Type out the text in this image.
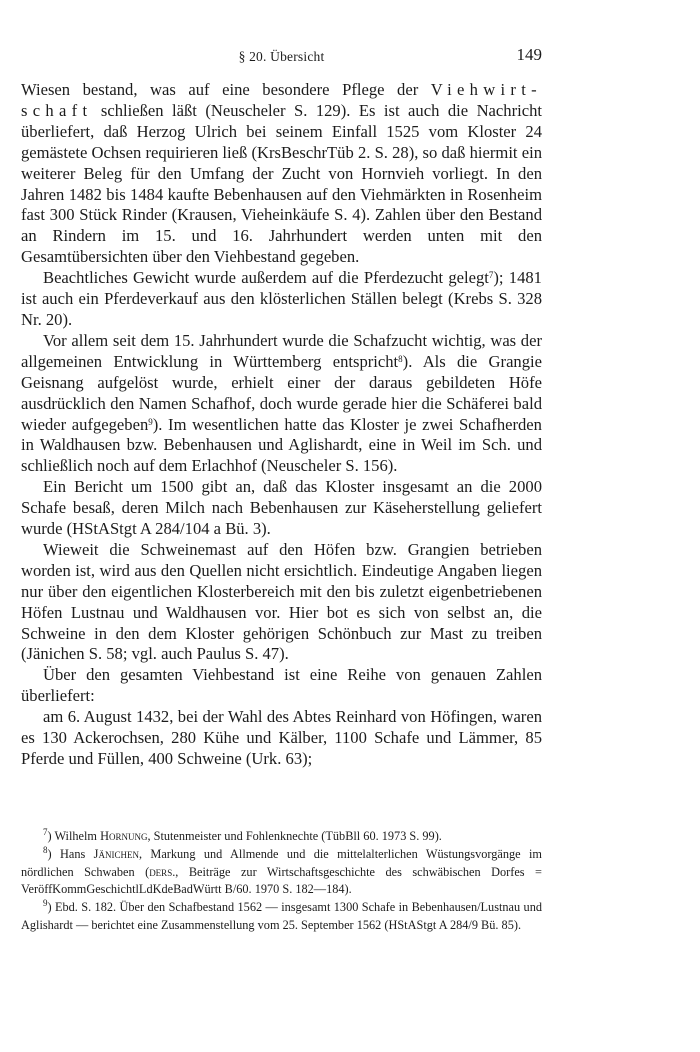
§ 20. Übersicht	149

Wiesen bestand, was auf eine besondere Pflege der Viehwirt- schaft schließen läßt (Neuscheler S. 129). Es ist auch die Nachricht überliefert, daß Herzog Ulrich bei seinem Einfall 1525 vom Kloster 24 gemästete Ochsen requirieren ließ (KrsBeschrTüb 2. S. 28), so daß hiermit ein weiterer Beleg für den Umfang der Zucht von Hornvieh vorliegt. In den Jahren 1482 bis 1484 kaufte Bebenhausen auf den Viehmärkten in Rosenheim fast 300 Stück Rinder (Krausen, Vieheinkäufe S. 4). Zahlen über den Bestand an Rindern im 15. und 16. Jahrhundert werden unten mit den Gesamtübersichten über den Viehbestand gegeben.

Beachtliches Gewicht wurde außerdem auf die Pferdezucht gelegt$^7$); 1481 ist auch ein Pferdeverkauf aus den klösterlichen Ställen belegt (Krebs S. 328 Nr. 20).

Vor allem seit dem 15. Jahrhundert wurde die Schafzucht wichtig, was der allgemeinen Entwicklung in Württemberg entspricht$^8$). Als die Grangie Geisnang aufgelöst wurde, erhielt einer der daraus gebildeten Höfe ausdrücklich den Namen Schafhof, doch wurde gerade hier die Schäferei bald wieder aufgegeben$^9$). Im wesentlichen hatte das Kloster je zwei Schafherden in Waldhausen bzw. Bebenhausen und Aglishardt, eine in Weil im Sch. und schließlich noch auf dem Erlachhof (Neuscheler S. 156).

Ein Bericht um 1500 gibt an, daß das Kloster insgesamt an die 2000 Schafe besaß, deren Milch nach Bebenhausen zur Käseherstellung geliefert wurde (HStAStgt A 284/104 a Bü. 3).

Wieweit die Schweinemast auf den Höfen bzw. Grangien betrieben worden ist, wird aus den Quellen nicht ersichtlich. Eindeutige Angaben liegen nur über den eigentlichen Klosterbereich mit den bis zuletzt eigenbetriebenen Höfen Lustnau und Waldhausen vor. Hier bot es sich von selbst an, die Schweine in den dem Kloster gehörigen Schönbuch zur Mast zu treiben (Jänichen S. 58; vgl. auch Paulus S. 47).

Über den gesamten Viehbestand ist eine Reihe von genauen Zahlen überliefert:

am 6. August 1432, bei der Wahl des Abtes Reinhard von Höfingen, waren es 130 Ackerochsen, 280 Kühe und Kälber, 1100 Schafe und Lämmer, 85 Pferde und Füllen, 400 Schweine (Urk. 63);

$^7$) Wilhelm Hornung, Stutenmeister und Fohlenknechte (TübBll 60. 1973 S. 99).

$^8$) Hans Jänichen, Markung und Allmende und die mittelalterlichen Wüstungsvorgänge im nördlichen Schwaben (ders., Beiträge zur Wirtschaftsgeschichte des schwäbischen Dorfes = VeröffKommGeschichtlLdKdeBadWürtt B/60. 1970 S. 182—184).

$^9$) Ebd. S. 182. Über den Schafbestand 1562 — insgesamt 1300 Schafe in Bebenhausen/Lustnau und Aglishardt — berichtet eine Zusammenstellung vom 25. September 1562 (HStAStgt A 284/9 Bü. 85).
